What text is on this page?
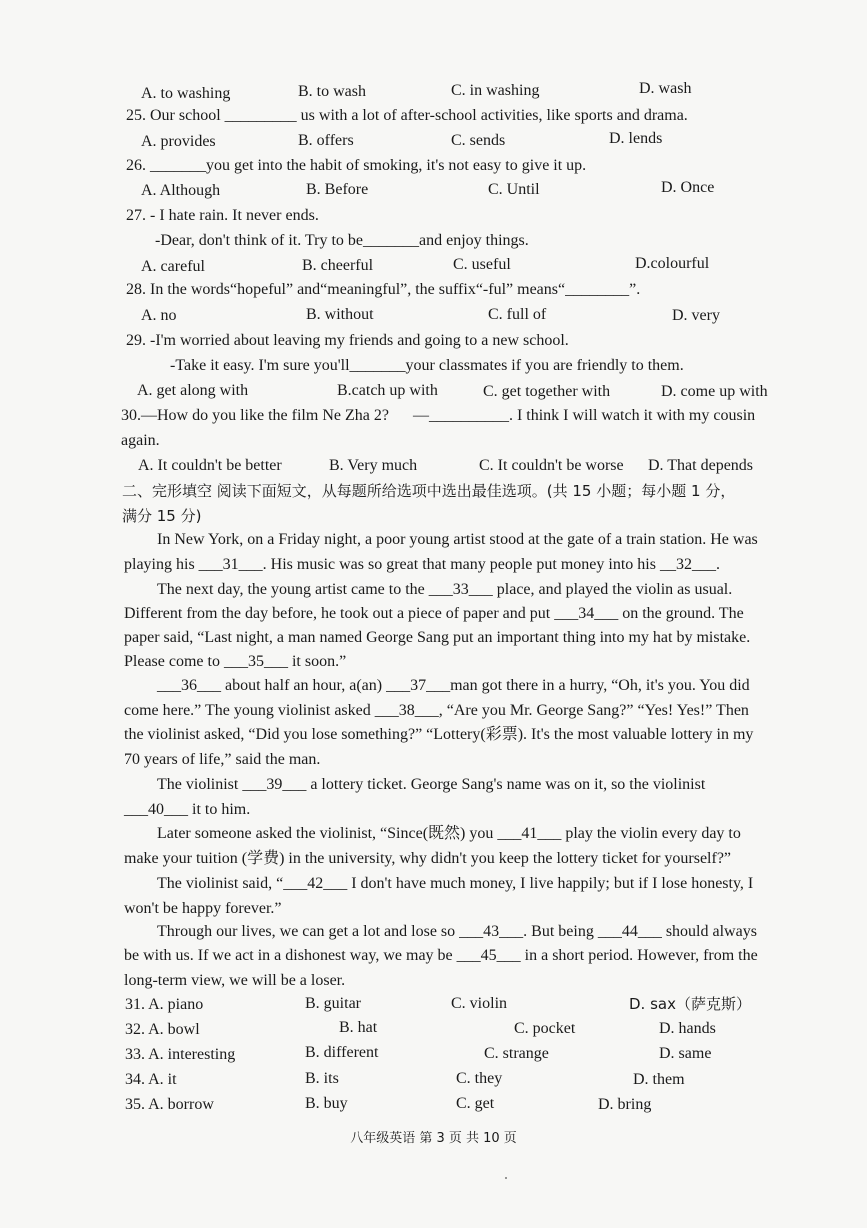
A. to washing	B. to wash	C. in washing	D. wash
25. Our school _________ us with a lot of after-school activities, like sports and drama.
A. provides	B. offers	C. sends	D. lends
26. _______you get into the habit of smoking, it's not easy to give it up.
A. Although	B. Before	C. Until	D. Once
27. - I hate rain. It never ends.
-Dear, don't think of it. Try to be_______and enjoy things.
A. careful	B. cheerful	C. useful	D.colourful
28. In the words“hopeful” and“meaningful”, the suffix“-ful” means“________”.
A. no	B. without	C. full of	D. very
29. -I'm worried about leaving my friends and going to a new school.
-Take it easy. I'm sure you'll_______your classmates if you are friendly to them.
A. get along with	B.catch up with	C. get together with	D. come up with
30.—How do you like the film Ne Zha 2?      —__________. I think I will watch it with my cousin
again.
A. It couldn't be better	B. Very much	C. It couldn't be worse D. That depends
二、完形填空 阅读下面短文，从每题所给选项中选出最佳选项。(共 15 小题；每小题 1 分，
满分 15 分)
In New York, on a Friday night, a poor young artist stood at the gate of a train station. He was
playing his ___31___. His music was so great that many people put money into his __32___.
The next day, the young artist came to the ___33___ place, and played the violin as usual.
Different from the day before, he took out a piece of paper and put ___34___ on the ground. The
paper said, “Last night, a man named George Sang put an important thing into my hat by mistake.
Please come to ___35___ it soon.”
___36___ about half an hour, a(an) ___37___man got there in a hurry, “Oh, it's you. You did
come here.” The young violinist asked ___38___, “Are you Mr. George Sang?” “Yes! Yes!” Then
the violinist asked, “Did you lose something?” “Lottery(彩票). It's the most valuable lottery in my
70 years of life,” said the man.
The violinist ___39___ a lottery ticket. George Sang's name was on it, so the violinist
___40___ it to him.
Later someone asked the violinist, “Since(既然) you ___41___ play the violin every day to
make your tuition (学费) in the university, why didn't you keep the lottery ticket for yourself?”
The violinist said, “___42___ I don't have much money, I live happily; but if I lose honesty, I
won't be happy forever.”
Through our lives, we can get a lot and lose so ___43___. But being ___44___ should always
be with us. If we act in a dishonest way, we may be ___45___ in a short period. However, from the
long-term view, we will be a loser.
31. A. piano	B. guitar	C. violin	D. sax（萨克斯）
32. A. bowl	B. hat	C. pocket	D. hands
33. A. interesting	B. different	C. strange	D. same
34. A. it	B. its	C. they	D. them
35. A. borrow	B. buy	C. get	D. bring
八年级英语 第 3 页 共 10 页
